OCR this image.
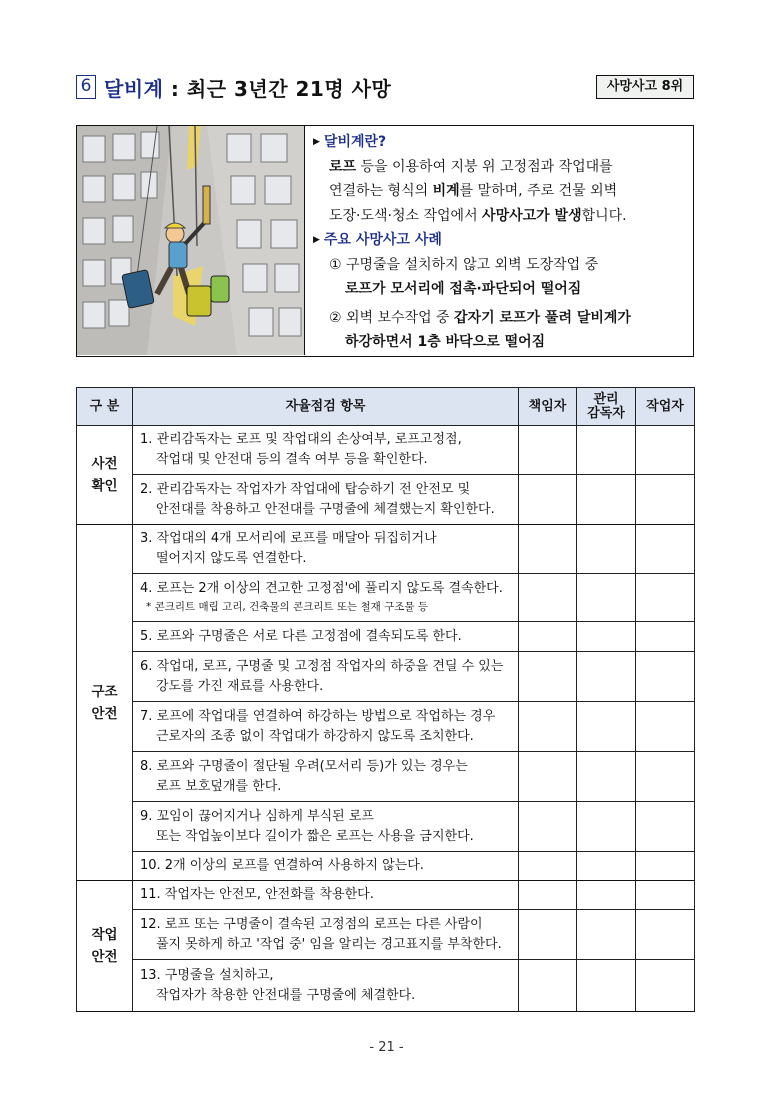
6 달비계 : 최근 3년간 21명 사망	사망사고 8위
▶ 달비계란?
로프 등을 이용하여 지붕 위 고정점과 작업대를
연결하는 형식의 비계를 말하며, 주로 건물 외벽
도장·도색·청소 작업에서 사망사고가 발생합니다.
▶ 주요 사망사고 사례
① 구명줄을 설치하지 않고 외벽 도장작업 중
로프가 모서리에 접촉·파단되어 떨어짐
② 외벽 보수작업 중 갑자기 로프가 풀려 달비계가
하강하면서 1층 바닥으로 떨어짐
구 분	자율점검 항목	책임자	관리
감독자	작업자

사전
확인	1. 관리감독자는 로프 및 작업대의 손상여부, 로프고정점,
작업대 및 안전대 등의 결속 여부 등을 확인한다.			

	2. 관리감독자는 작업자가 작업대에 탑승하기 전 안전모 및
안전대를 착용하고 안전대를 구명줄에 체결했는지 확인한다.			

구조
안전	3. 작업대의 4개 모서리에 로프를 매달아 뒤집히거나
떨어지지 않도록 연결한다.			

	4. 로프는 2개 이상의 견고한 고정점'에 풀리지 않도록 결속한다.
* 콘크리트 매립 고리, 건축물의 콘크리트 또는 철재 구조물 등			

	5. 로프와 구명줄은 서로 다른 고정점에 결속되도록 한다.			
	6. 작업대, 로프, 구명줄 및 고정점 작업자의 하중을 견딜 수 있는
강도를 가진 재료를 사용한다.			

	7. 로프에 작업대를 연결하여 하강하는 방법으로 작업하는 경우
근로자의 조종 없이 작업대가 하강하지 않도록 조치한다.			

	8. 로프와 구명줄이 절단될 우려(모서리 등)가 있는 경우는
로프 보호덮개를 한다.			

	9. 꼬임이 끊어지거나 심하게 부식된 로프
또는 작업높이보다 길이가 짧은 로프는 사용을 금지한다.			

	10. 2개 이상의 로프를 연결하여 사용하지 않는다.			

작업
안전	11. 작업자는 안전모, 안전화를 착용한다.			
	12. 로프 또는 구명줄이 결속된 고정점의 로프는 다른 사람이
풀지 못하게 하고 '작업 중' 임을 알리는 경고표지를 부착한다.			

	13. 구명줄을 설치하고,
작업자가 착용한 안전대를 구명줄에 체결한다.			

- 21 -
